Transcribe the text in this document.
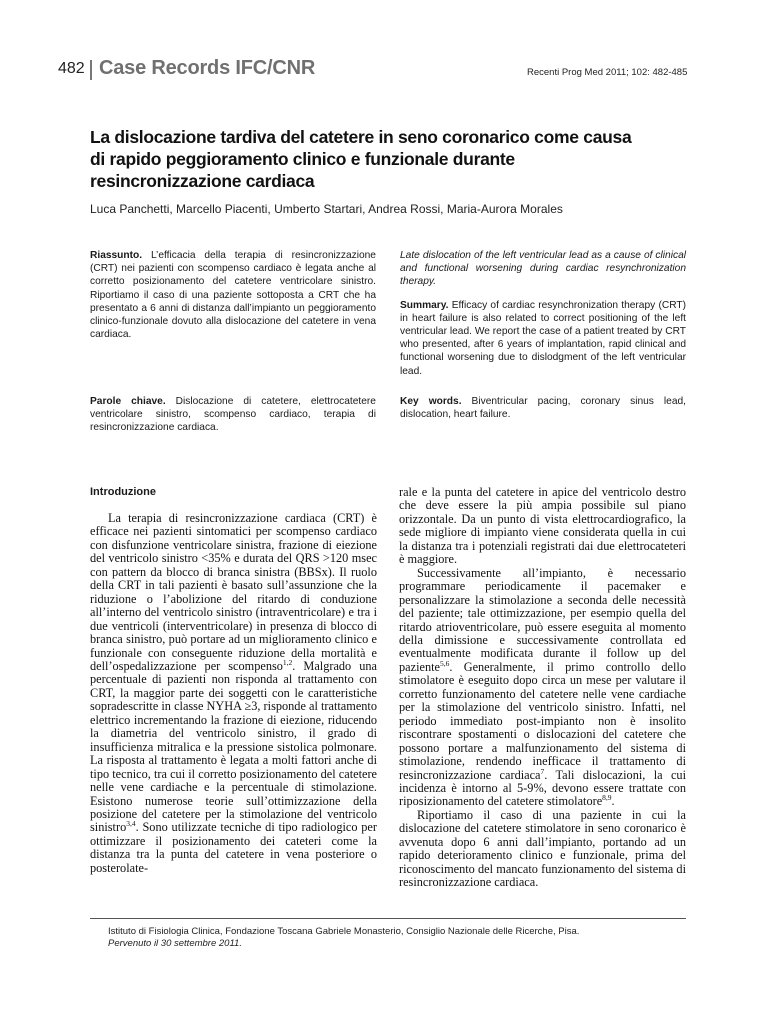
482 Case Records IFC/CNR	Recenti Prog Med 2011; 102: 482-485
La dislocazione tardiva del catetere in seno coronarico come causa di rapido peggioramento clinico e funzionale durante resincronizzazione cardiaca
Luca Panchetti, Marcello Piacenti, Umberto Startari, Andrea Rossi, Maria-Aurora Morales
Riassunto. L’efficacia della terapia di resincronizzazione (CRT) nei pazienti con scompenso cardiaco è legata anche al corretto posizionamento del catetere ventricolare sinistro. Riportiamo il caso di una paziente sottoposta a CRT che ha presentato a 6 anni di distanza dall’impianto un peggioramento clinico-funzionale dovuto alla dislocazione del catetere in vena cardiaca.
Late dislocation of the left ventricular lead as a cause of clinical and functional worsening during cardiac resynchronization therapy.
Summary. Efficacy of cardiac resynchronization therapy (CRT) in heart failure is also related to correct positioning of the left ventricular lead. We report the case of a patient treated by CRT who presented, after 6 years of implantation, rapid clinical and functional worsening due to dislodgment of the left ventricular lead.
Parole chiave. Dislocazione di catetere, elettrocatetere ventricolare sinistro, scompenso cardiaco, terapia di resincronizzazione cardiaca.
Key words. Biventricular pacing, coronary sinus lead, dislocation, heart failure.
Introduzione

La terapia di resincronizzazione cardiaca (CRT) è efficace nei pazienti sintomatici per scompenso cardiaco con disfunzione ventricolare sinistra, frazione di eiezione del ventricolo sinistro <35% e durata del QRS >120 msec con pattern da blocco di branca sinistra (BBSx). Il ruolo della CRT in tali pazienti è basato sull’assunzione che la riduzione o l’abolizione del ritardo di conduzione all’interno del ventricolo sinistro (intraventricolare) e tra i due ventricoli (interventricolare) in presenza di blocco di branca sinistro, può portare ad un miglioramento clinico e funzionale con conseguente riduzione della mortalità e dell’ospedalizzazione per scompenso$^{1,2}$. Malgrado una percentuale di pazienti non risponda al trattamento con CRT, la maggior parte dei soggetti con le caratteristiche sopradescritte in classe NYHA ≥3, risponde al trattamento elettrico incrementando la frazione di eiezione, riducendo la diametria del ventricolo sinistro, il grado di insufficienza mitralica e la pressione sistolica polmonare. La risposta al trattamento è legata a molti fattori anche di tipo tecnico, tra cui il corretto posizionamento del catetere nelle vene cardiache e la percentuale di stimolazione. Esistono numerose teorie sull’ottimizzazione della posizione del catetere per la stimolazione del ventricolo sinistro$^{3,4}$. Sono utilizzate tecniche di tipo radiologico per ottimizzare il posizionamento dei cateteri come la distanza tra la punta del catetere in vena posteriore o posterolate-

rale e la punta del catetere in apice del ventricolo destro che deve essere la più ampia possibile sul piano orizzontale. Da un punto di vista elettrocardiografico, la sede migliore di impianto viene considerata quella in cui la distanza tra i potenziali registrati dai due elettrocateteri è maggiore.

Successivamente all’impianto, è necessario programmare periodicamente il pacemaker e personalizzare la stimolazione a seconda delle necessità del paziente; tale ottimizzazione, per esempio quella del ritardo atrioventricolare, può essere eseguita al momento della dimissione e successivamente controllata ed eventualmente modificata durante il follow up del paziente$^{5,6}$. Generalmente, il primo controllo dello stimolatore è eseguito dopo circa un mese per valutare il corretto funzionamento del catetere nelle vene cardiache per la stimolazione del ventricolo sinistro. Infatti, nel periodo immediato post-impianto non è insolito riscontrare spostamenti o dislocazioni del catetere che possono portare a malfunzionamento del sistema di stimolazione, rendendo inefficace il trattamento di resincronizzazione cardiaca$^7$. Tali dislocazioni, la cui incidenza è intorno al 5-9%, devono essere trattate con riposizionamento del catetere stimolatore$^{8,9}$.

Riportiamo il caso di una paziente in cui la dislocazione del catetere stimolatore in seno coronarico è avvenuta dopo 6 anni dall’impianto, portando ad un rapido deterioramento clinico e funzionale, prima del riconoscimento del mancato funzionamento del sistema di resincronizzazione cardiaca.

Istituto di Fisiologia Clinica, Fondazione Toscana Gabriele Monasterio, Consiglio Nazionale delle Ricerche, Pisa.
Pervenuto il 30 settembre 2011.
